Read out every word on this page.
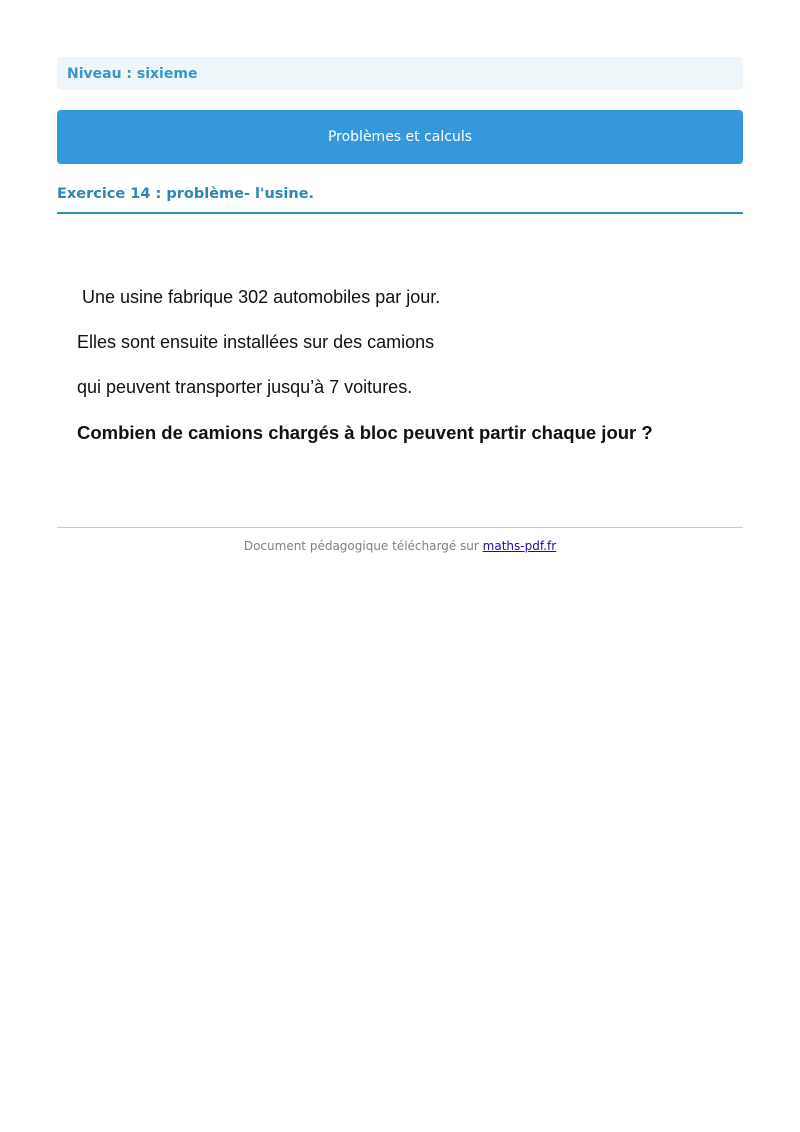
Niveau : sixieme
Problèmes et calculs
Exercice 14 : problème- l'usine.
Une usine fabrique 302 automobiles par jour.
Elles sont ensuite installées sur des camions
qui peuvent transporter jusqu’à 7 voitures.
Combien de camions chargés à bloc peuvent partir chaque jour ?
Document pédagogique téléchargé sur maths-pdf.fr
